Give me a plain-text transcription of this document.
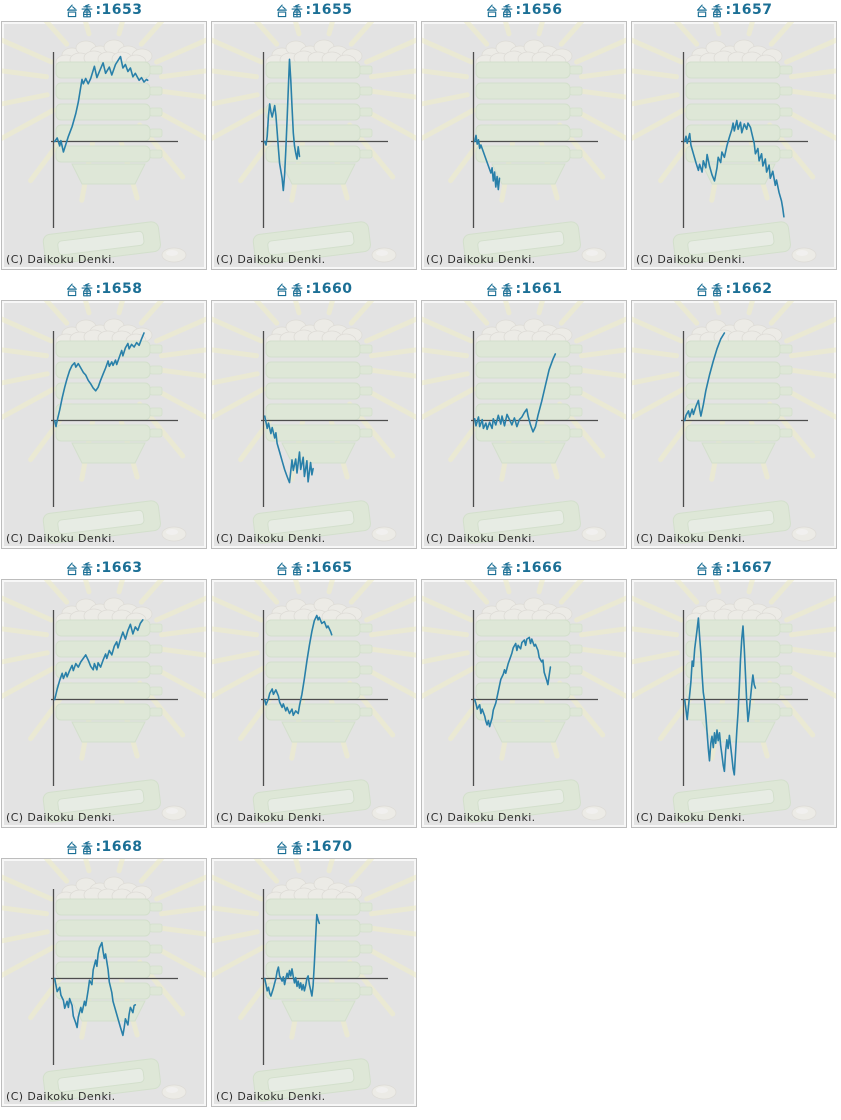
:1653
(C) Daikoku Denki.
:1655
(C) Daikoku Denki.
:1656
(C) Daikoku Denki.
:1657
(C) Daikoku Denki.
:1658
(C) Daikoku Denki.
:1660
(C) Daikoku Denki.
:1661
(C) Daikoku Denki.
:1662
(C) Daikoku Denki.
:1663
(C) Daikoku Denki.
:1665
(C) Daikoku Denki.
:1666
(C) Daikoku Denki.
:1667
(C) Daikoku Denki.
:1668
(C) Daikoku Denki.
:1670
(C) Daikoku Denki.
